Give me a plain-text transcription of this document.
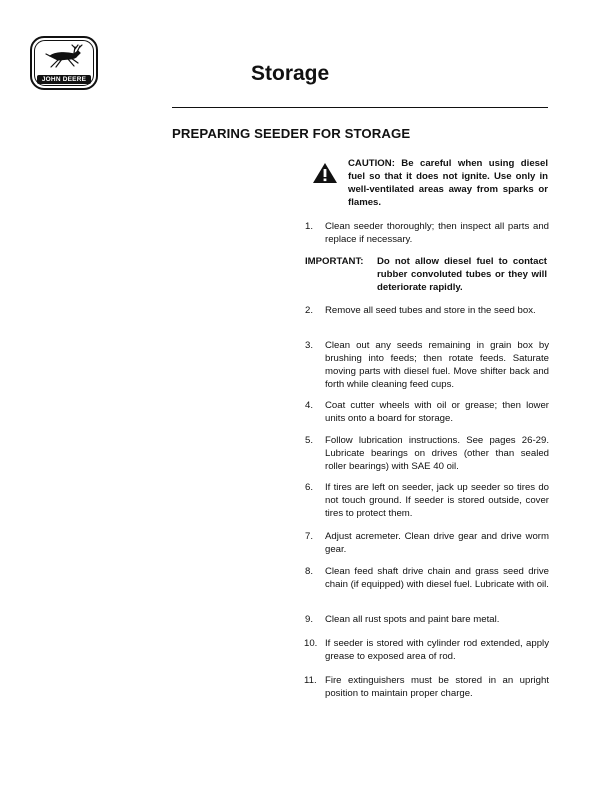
JOHN DEERE	Storage
PREPARING SEEDER FOR STORAGE

CAUTION: Be careful when using diesel fuel so that it does not ignite. Use only in well-ventilated areas away from sparks or flames.

1. Clean seeder thoroughly; then inspect all parts and replace if necessary.
IMPORTANT: Do not allow diesel fuel to contact rubber convoluted tubes or they will deteriorate rapidly.
2. Remove all seed tubes and store in the seed box.
3. Clean out any seeds remaining in grain box by brushing into feeds; then rotate feeds. Saturate moving parts with diesel fuel. Move shifter back and forth while cleaning feed cups.
4. Coat cutter wheels with oil or grease; then lower units onto a board for storage.
5. Follow lubrication instructions. See pages 26-29. Lubricate bearings on drives (other than sealed roller bearings) with SAE 40 oil.
6. If tires are left on seeder, jack up seeder so tires do not touch ground. If seeder is stored outside, cover tires to protect them.
7. Adjust acremeter. Clean drive gear and drive worm gear.
8. Clean feed shaft drive chain and grass seed drive chain (if equipped) with diesel fuel. Lubricate with oil.
9. Clean all rust spots and paint bare metal.
10. If seeder is stored with cylinder rod extended, apply grease to exposed area of rod.
11. Fire extinguishers must be stored in an upright position to maintain proper charge.
